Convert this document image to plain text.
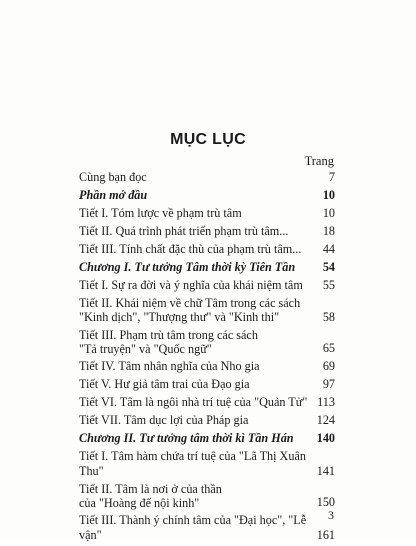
MỤC LỤC
Trang
Cùng bạn đọc	7
Phần mở đầu	10
Tiết I. Tóm lược về phạm trù tâm	10
Tiết II. Quá trình phát triển phạm trù tâm...	18
Tiết III. Tính chất đặc thù của phạm trù tâm...	44
Chương I. Tư tưởng Tâm thời kỳ Tiên Tần	54
Tiết I. Sự ra đời và ý nghĩa của khái niệm tâm	55
Tiết II. Khái niệm về chữ Tâm trong các sách
"Kinh dịch", "Thượng thư" và "Kinh thi"	58
Tiết III. Phạm trù tâm trong các sách
"Tả truyện" và "Quốc ngữ"	65
Tiết IV. Tâm nhân nghĩa của Nho gia	69
Tiết V. Hư giả tâm trai của Đạo gia	97
Tiết VI. Tâm là ngôi nhà trí tuệ của "Quản Tử" 113
Tiết VII. Tâm dục lợi của Pháp gia	124
Chương II. Tư tưởng tâm thời kì Tần Hán	140
Tiết I. Tâm hàm chứa trí tuệ của "Lã Thị Xuân Thu"	141
Tiết II. Tâm là nơi ở của thần
của "Hoàng đế nội kinh"	150
Tiết III. Thành ý chính tâm của "Đại học", "Lễ vận"	161
3
